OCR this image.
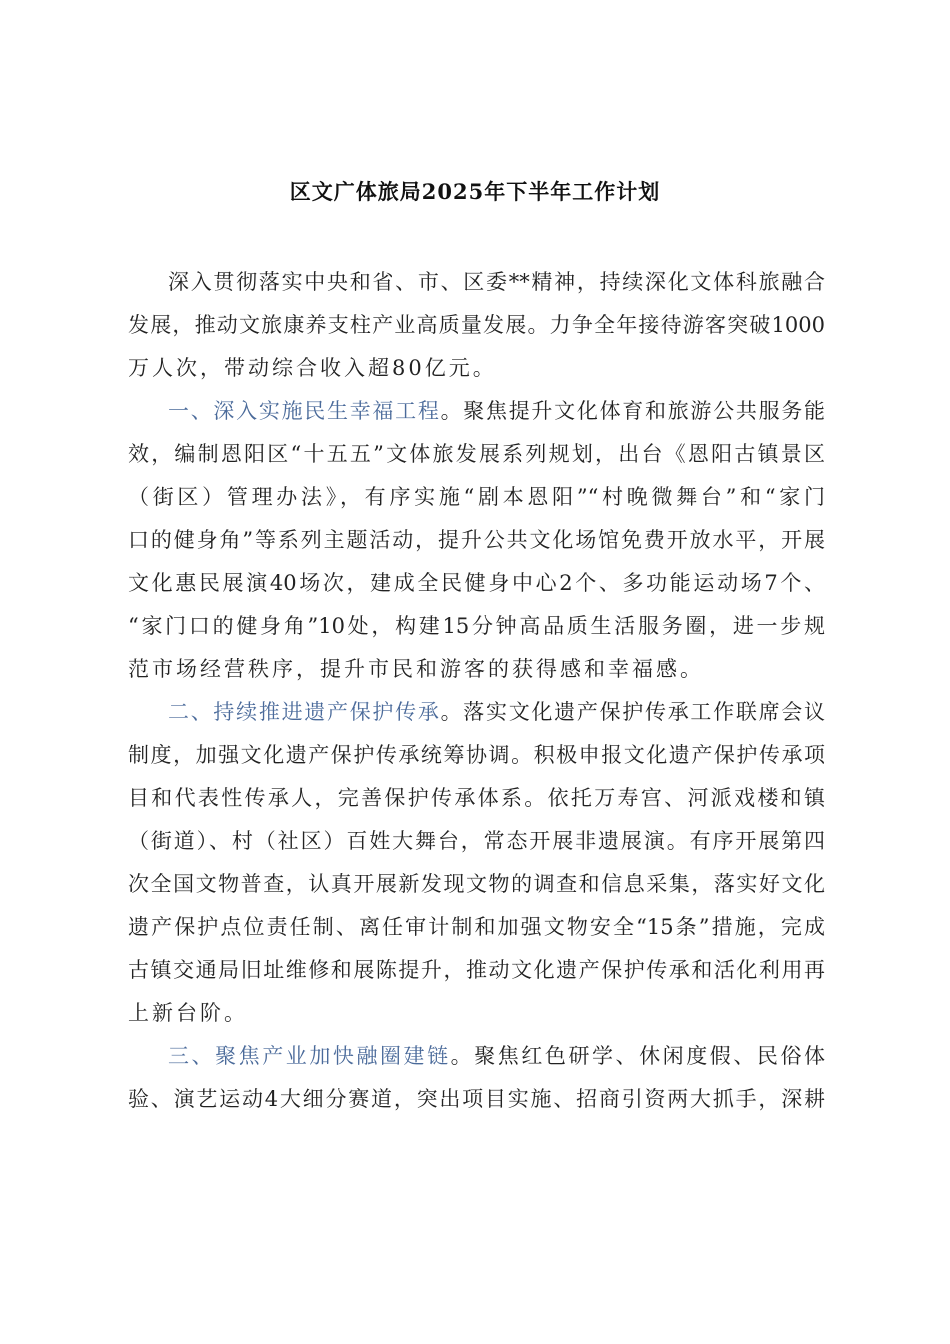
区文广体旅局2025年下半年工作计划
深入贯彻落实中央和省、市、区委**精神，持续深化文体科旅融合
发展，推动文旅康养支柱产业高质量发展。力争全年接待游客突破1000
万人次，带动综合收入超80亿元。
一、深入实施民生幸福工程。聚焦提升文化体育和旅游公共服务能
效，编制恩阳区“十五五”文体旅发展系列规划，出台《恩阳古镇景区
（街区）管理办法》，有序实施“剧本恩阳”“村晚微舞台”和“家门
口的健身角”等系列主题活动，提升公共文化场馆免费开放水平，开展
文化惠民展演40场次，建成全民健身中心2个、多功能运动场7个、
“家门口的健身角”10处，构建15分钟高品质生活服务圈，进一步规
范市场经营秩序，提升市民和游客的获得感和幸福感。
二、持续推进遗产保护传承。落实文化遗产保护传承工作联席会议
制度，加强文化遗产保护传承统筹协调。积极申报文化遗产保护传承项
目和代表性传承人，完善保护传承体系。依托万寿宫、河派戏楼和镇
（街道）、村（社区）百姓大舞台，常态开展非遗展演。有序开展第四
次全国文物普查，认真开展新发现文物的调查和信息采集，落实好文化
遗产保护点位责任制、离任审计制和加强文物安全“15条”措施，完成
古镇交通局旧址维修和展陈提升，推动文化遗产保护传承和活化利用再
上新台阶。
三、聚焦产业加快融圈建链。聚焦红色研学、休闲度假、民俗体
验、演艺运动4大细分赛道，突出项目实施、招商引资两大抓手，深耕
